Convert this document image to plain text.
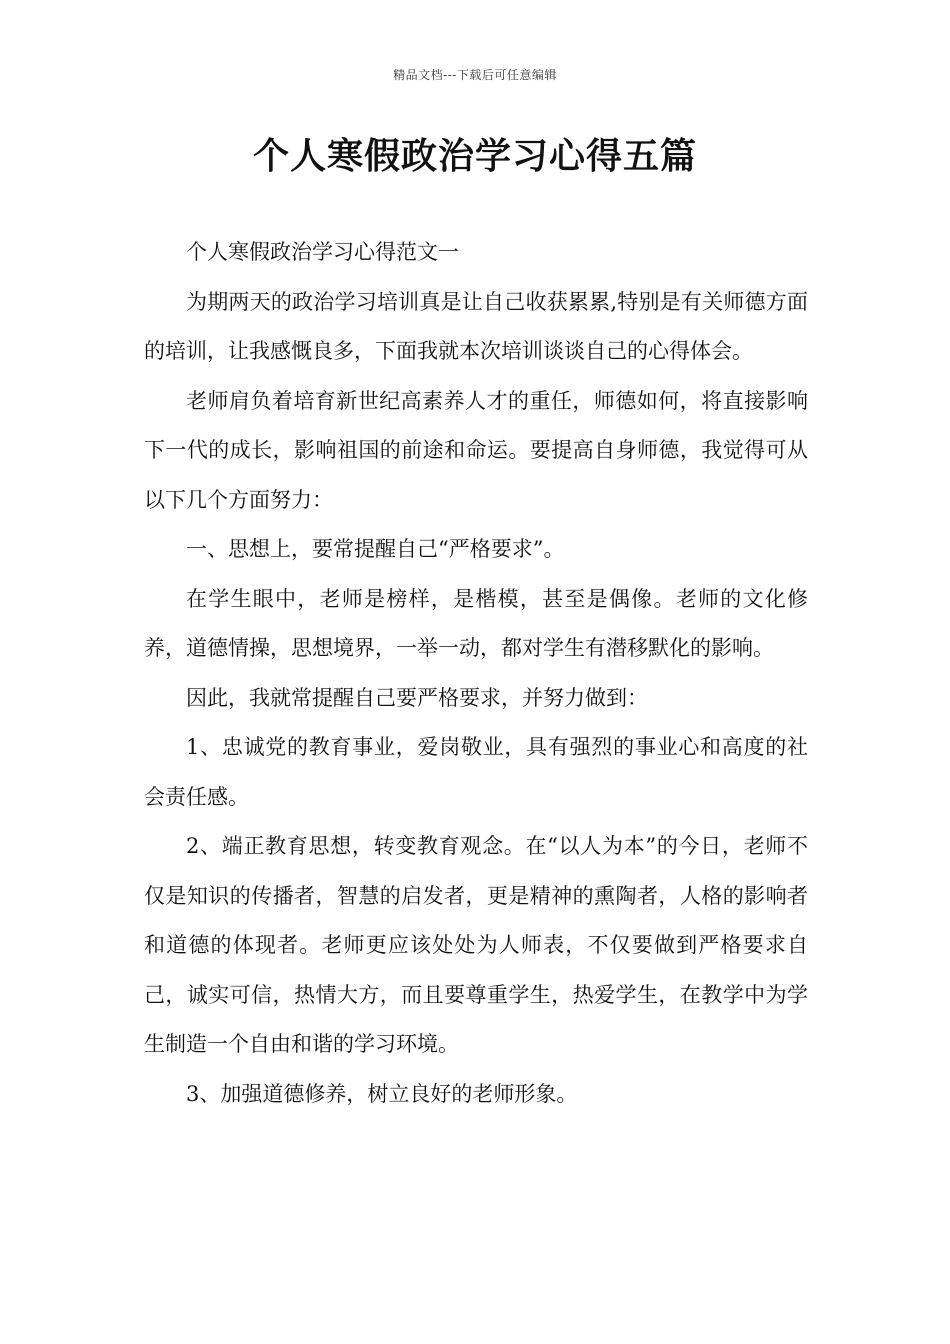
精品文档---下载后可任意编辑
个人寒假政治学习心得五篇

个人寒假政治学习心得范文一

为期两天的政治学习培训真是让自己收获累累,特别是有关师德方面的培训，让我感慨良多，下面我就本次培训谈谈自己的心得体会。

老师肩负着培育新世纪高素养人才的重任，师德如何，将直接影响下一代的成长，影响祖国的前途和命运。要提高自身师德，我觉得可从以下几个方面努力：

一、思想上，要常提醒自己“严格要求”。

在学生眼中，老师是榜样，是楷模，甚至是偶像。老师的文化修养，道德情操，思想境界，一举一动，都对学生有潜移默化的影响。

因此，我就常提醒自己要严格要求，并努力做到：

1、忠诚党的教育事业，爱岗敬业，具有强烈的事业心和高度的社会责任感。

2、端正教育思想，转变教育观念。在“以人为本”的今日，老师不仅是知识的传播者，智慧的启发者，更是精神的熏陶者，人格的影响者和道德的体现者。老师更应该处处为人师表，不仅要做到严格要求自己，诚实可信，热情大方，而且要尊重学生，热爱学生，在教学中为学生制造一个自由和谐的学习环境。

3、加强道德修养，树立良好的老师形象。
